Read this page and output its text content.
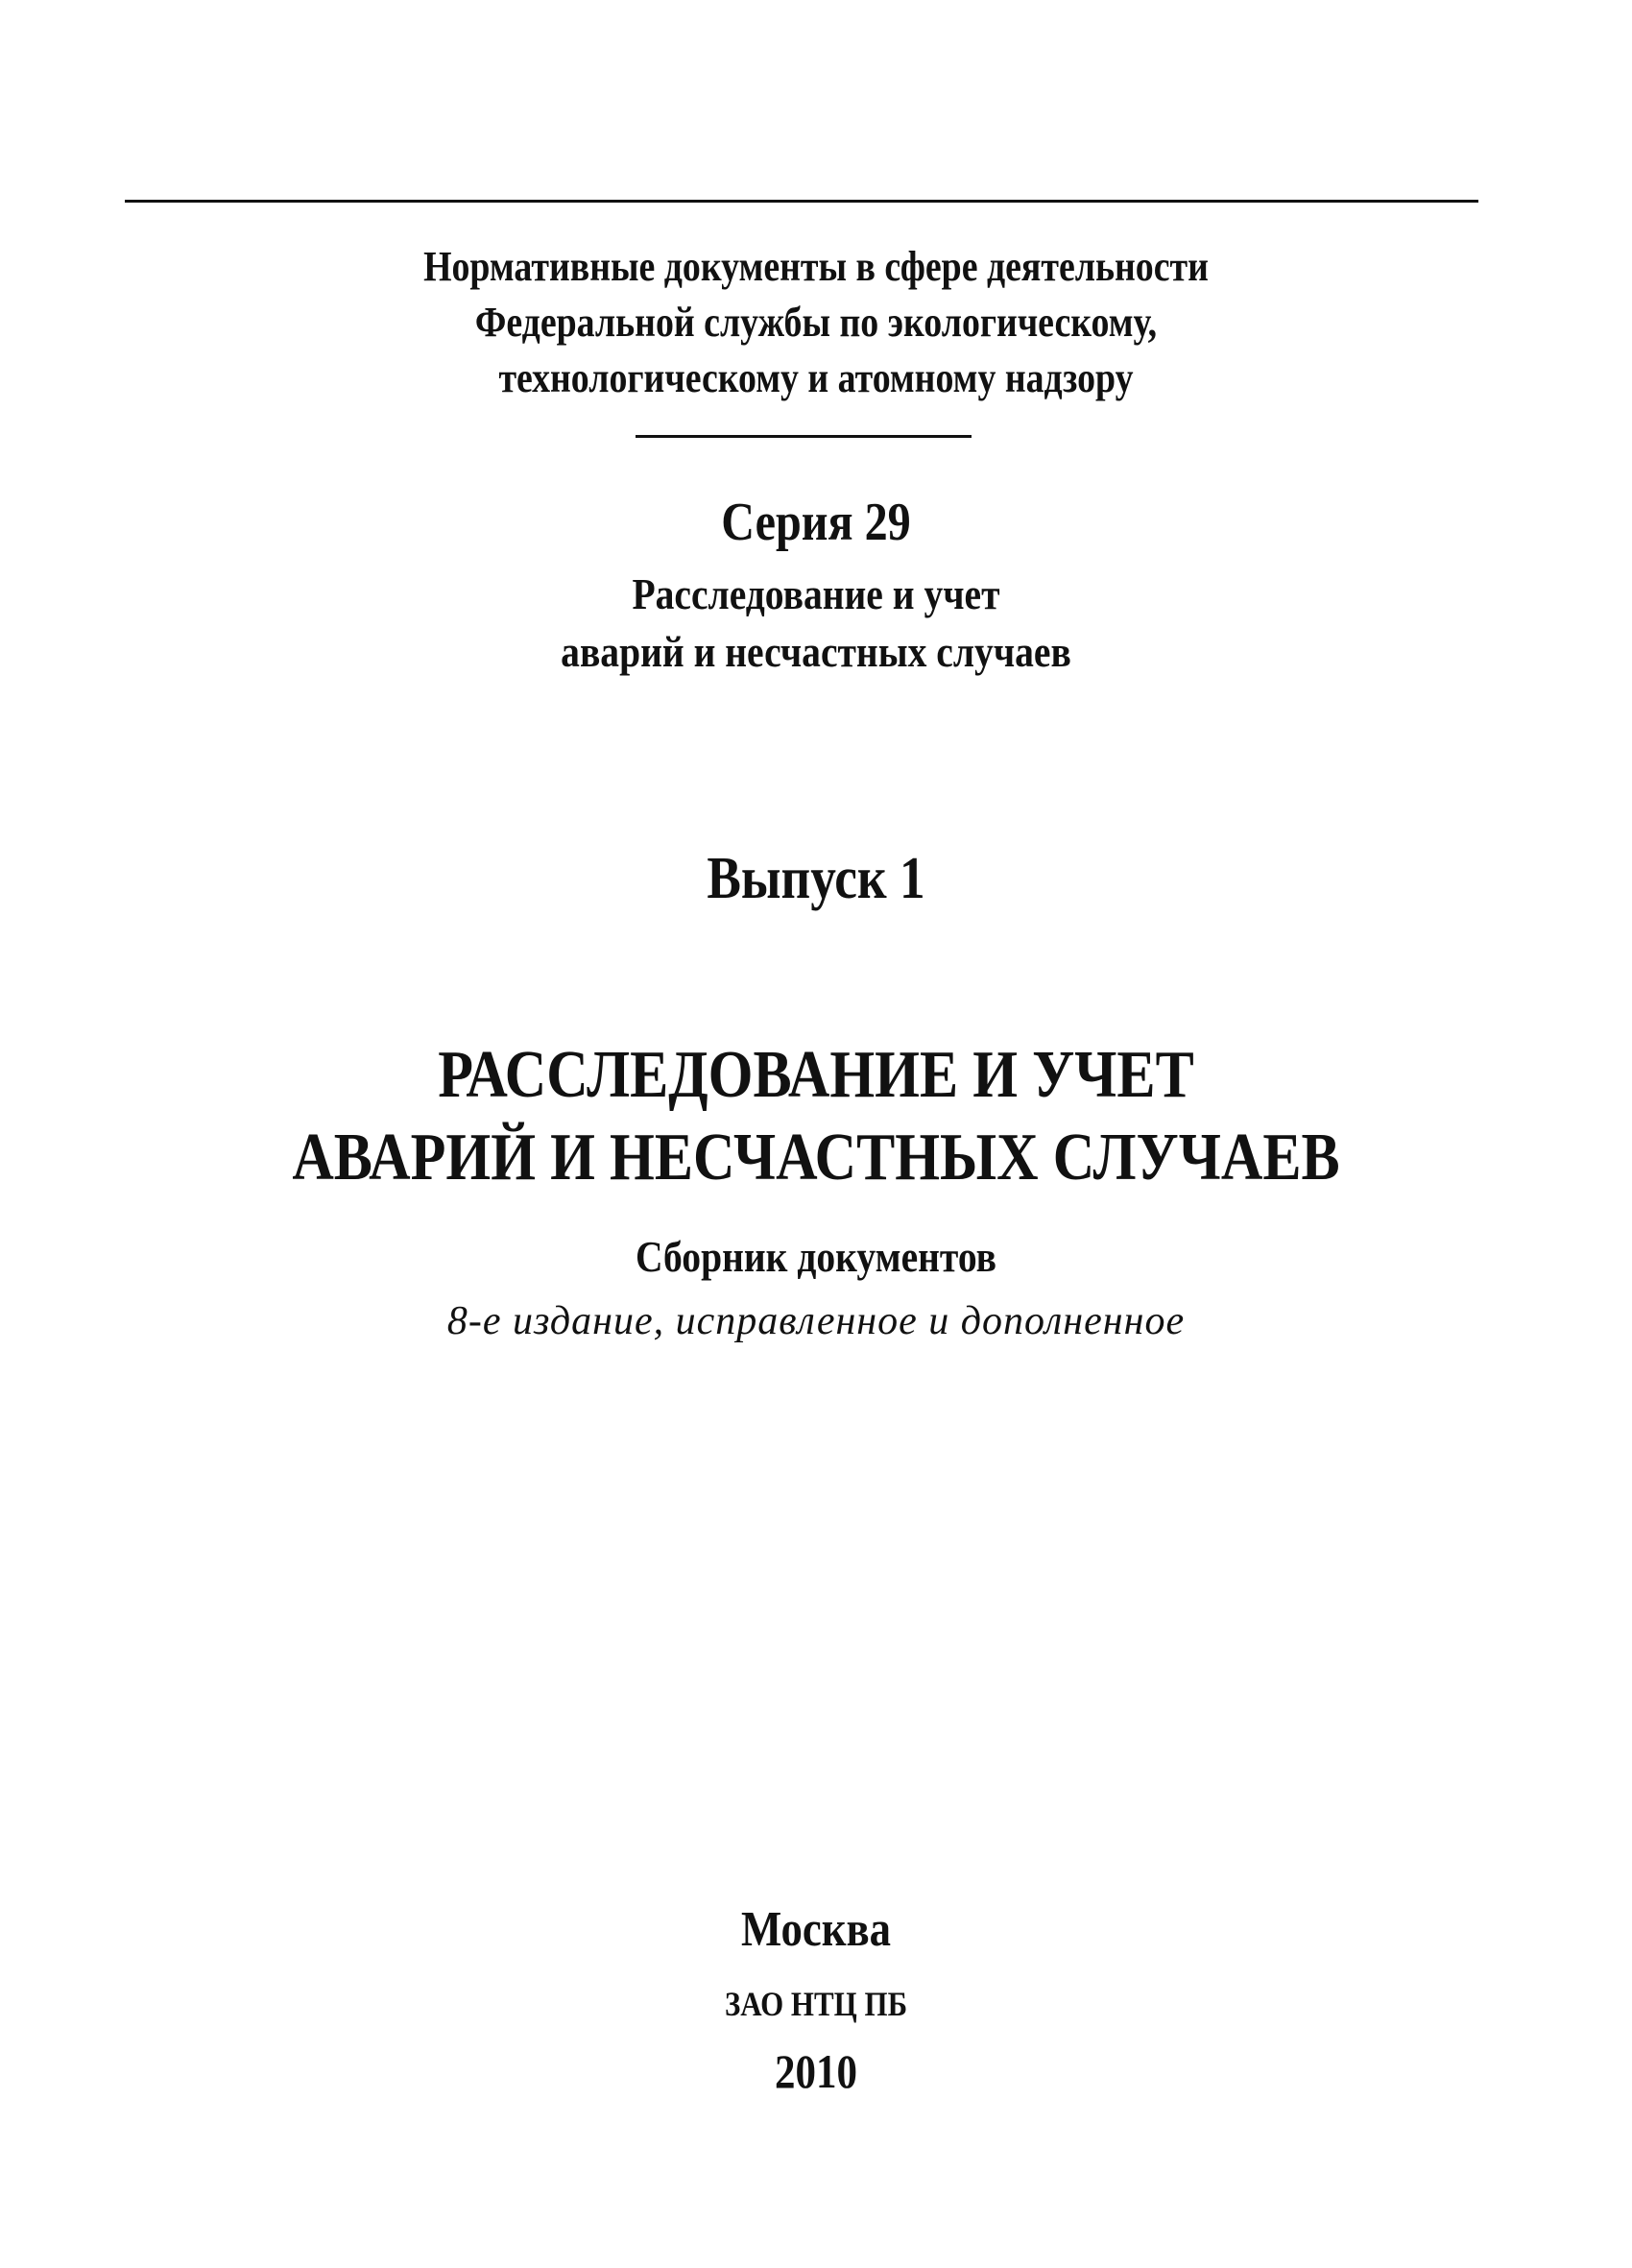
Нормативные документы в сфере деятельности
Федеральной службы по экологическому,
технологическому и атомному надзору
Серия 29
Расследование и учет
аварий и несчастных случаев
Выпуск 1
РАССЛЕДОВАНИЕ И УЧЕТ
АВАРИЙ И НЕСЧАСТНЫХ СЛУЧАЕВ
Сборник документов
8-е издание, исправленное и дополненное
Москва
ЗАО НТЦ ПБ
2010
